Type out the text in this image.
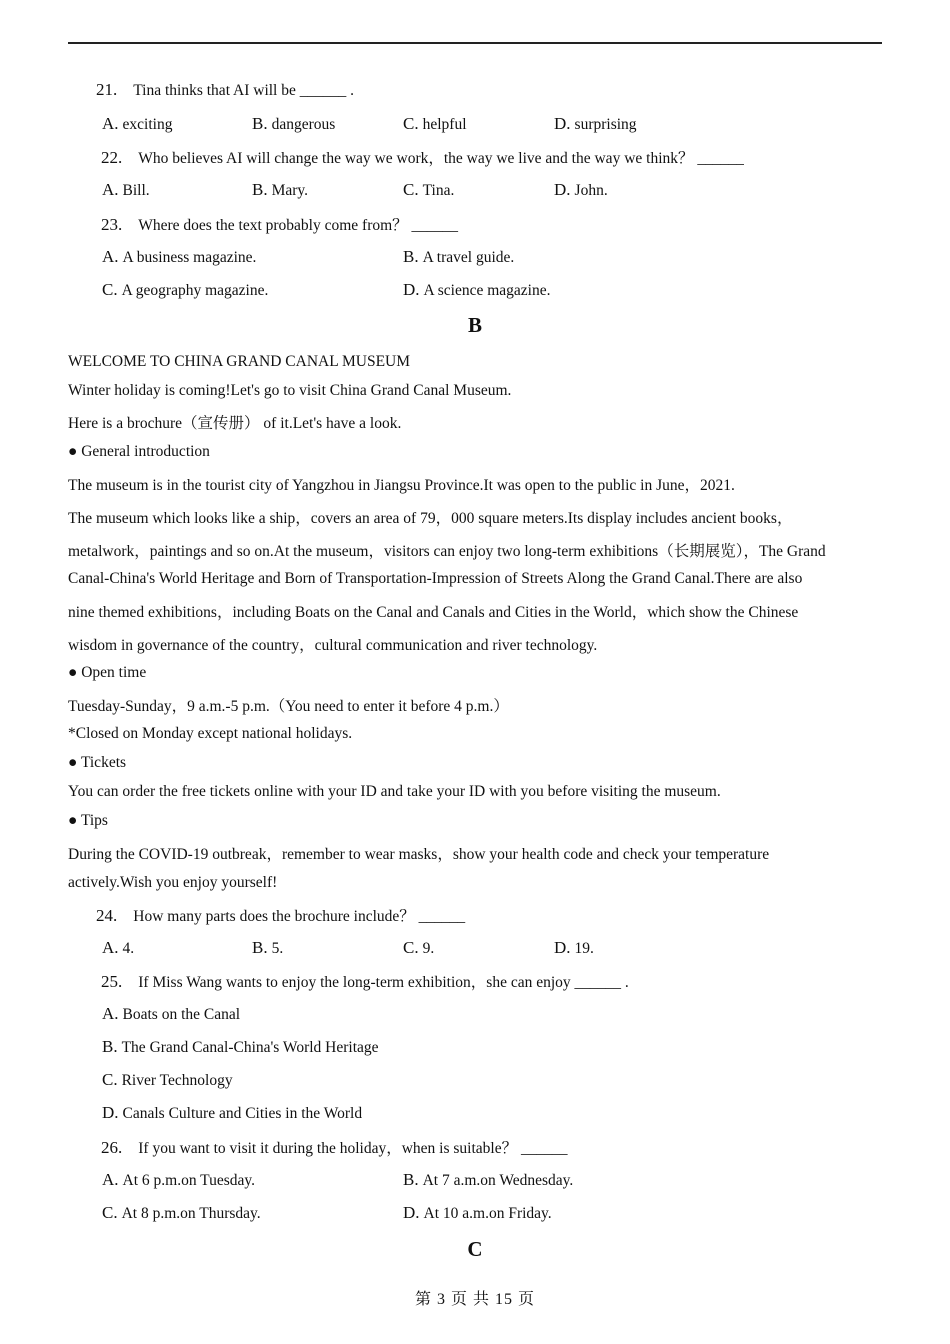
21. Tina thinks that AI will be ______ .
A. exciting	B. dangerous	C. helpful	D. surprising
22. Who believes AI will change the way we work，the way we live and the way we think？ ______
A. Bill.	B. Mary.	C. Tina.	D. John.
23. Where does the text probably come from？ ______
A. A business magazine.	B. A travel guide.
C. A geography magazine.	D. A science magazine.
B
WELCOME TO CHINA GRAND CANAL MUSEUM
Winter holiday is coming!Let's go to visit China Grand Canal Museum.
Here is a brochure（宣传册） of it.Let's have a look.
● General introduction
The museum is in the tourist city of Yangzhou in Jiangsu Province.It was open to the public in June，2021.
The museum which looks like a ship，covers an area of 79，000 square meters.Its display includes ancient books，
metalwork，paintings and so on.At the museum，visitors can enjoy two long-term exhibitions（长期展览），The Grand
Canal-China's World Heritage and Born of Transportation-Impression of Streets Along the Grand Canal.There are also
nine themed exhibitions，including Boats on the Canal and Canals and Cities in the World，which show the Chinese
wisdom in governance of the country，cultural communication and river technology.
● Open time
Tuesday-Sunday，9 a.m.-5 p.m.（You need to enter it before 4 p.m.）
*Closed on Monday except national holidays.
● Tickets
You can order the free tickets online with your ID and take your ID with you before visiting the museum.
● Tips
During the COVID-19 outbreak，remember to wear masks，show your health code and check your temperature
actively.Wish you enjoy yourself!
24. How many parts does the brochure include？ ______
A. 4.	B. 5.	C. 9.	D. 19.
25. If Miss Wang wants to enjoy the long-term exhibition，she can enjoy ______ .
A. Boats on the Canal
B. The Grand Canal-China's World Heritage
C. River Technology
D. Canals Culture and Cities in the World
26. If you want to visit it during the holiday，when is suitable？ ______
A. At 6 p.m.on Tuesday.	B. At 7 a.m.on Wednesday.
C. At 8 p.m.on Thursday.	D. At 10 a.m.on Friday.
C
第 3 页 共 15 页
